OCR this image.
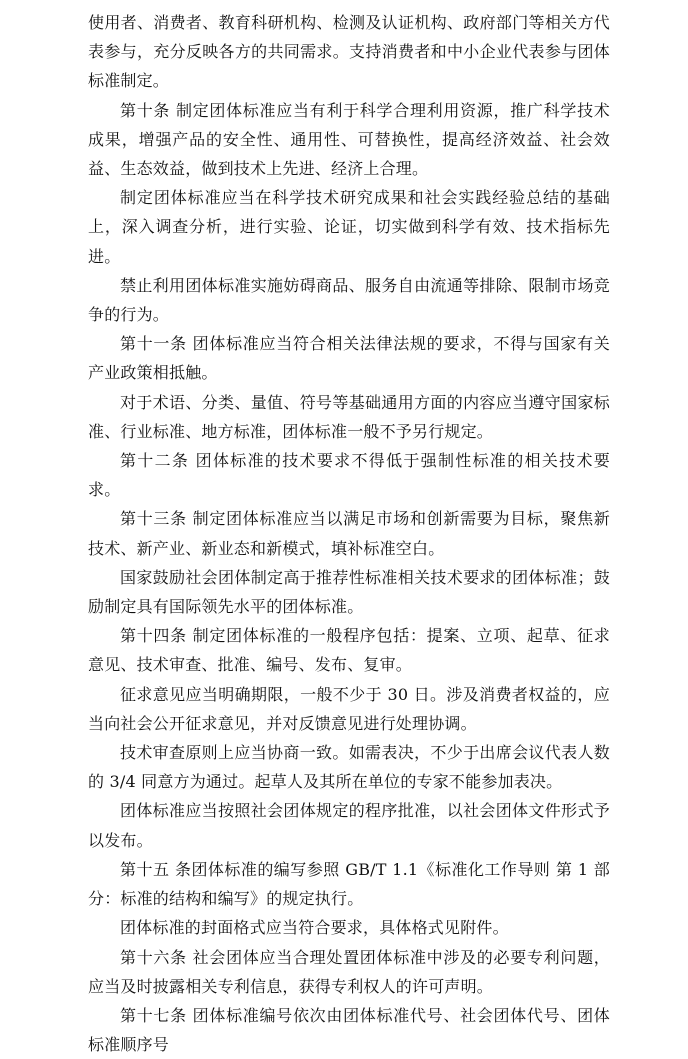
使用者、消费者、教育科研机构、检测及认证机构、政府部门等相关方代表参与，充分反映各方的共同需求。支持消费者和中小企业代表参与团体标准制定。

第十条 制定团体标准应当有利于科学合理利用资源，推广科学技术成果，增强产品的安全性、通用性、可替换性，提高经济效益、社会效益、生态效益，做到技术上先进、经济上合理。

制定团体标准应当在科学技术研究成果和社会实践经验总结的基础上，深入调查分析，进行实验、论证，切实做到科学有效、技术指标先进。

禁止利用团体标准实施妨碍商品、服务自由流通等排除、限制市场竞争的行为。

第十一条 团体标准应当符合相关法律法规的要求，不得与国家有关产业政策相抵触。

对于术语、分类、量值、符号等基础通用方面的内容应当遵守国家标准、行业标准、地方标准，团体标准一般不予另行规定。

第十二条 团体标准的技术要求不得低于强制性标准的相关技术要求。

第十三条 制定团体标准应当以满足市场和创新需要为目标，聚焦新技术、新产业、新业态和新模式，填补标准空白。

国家鼓励社会团体制定高于推荐性标准相关技术要求的团体标准；鼓励制定具有国际领先水平的团体标准。

第十四条 制定团体标准的一般程序包括：提案、立项、起草、征求意见、技术审查、批准、编号、发布、复审。

征求意见应当明确期限，一般不少于 30 日。涉及消费者权益的，应当向社会公开征求意见，并对反馈意见进行处理协调。

技术审查原则上应当协商一致。如需表决，不少于出席会议代表人数的 3/4 同意方为通过。起草人及其所在单位的专家不能参加表决。

团体标准应当按照社会团体规定的程序批准，以社会团体文件形式予以发布。

第十五 条团体标准的编写参照 GB/T 1.1《标准化工作导则 第 1 部分：标准的结构和编写》的规定执行。

团体标准的封面格式应当符合要求，具体格式见附件。

第十六条 社会团体应当合理处置团体标准中涉及的必要专利问题，应当及时披露相关专利信息，获得专利权人的许可声明。

第十七条 团体标准编号依次由团体标准代号、社会团体代号、团体标准顺序号
